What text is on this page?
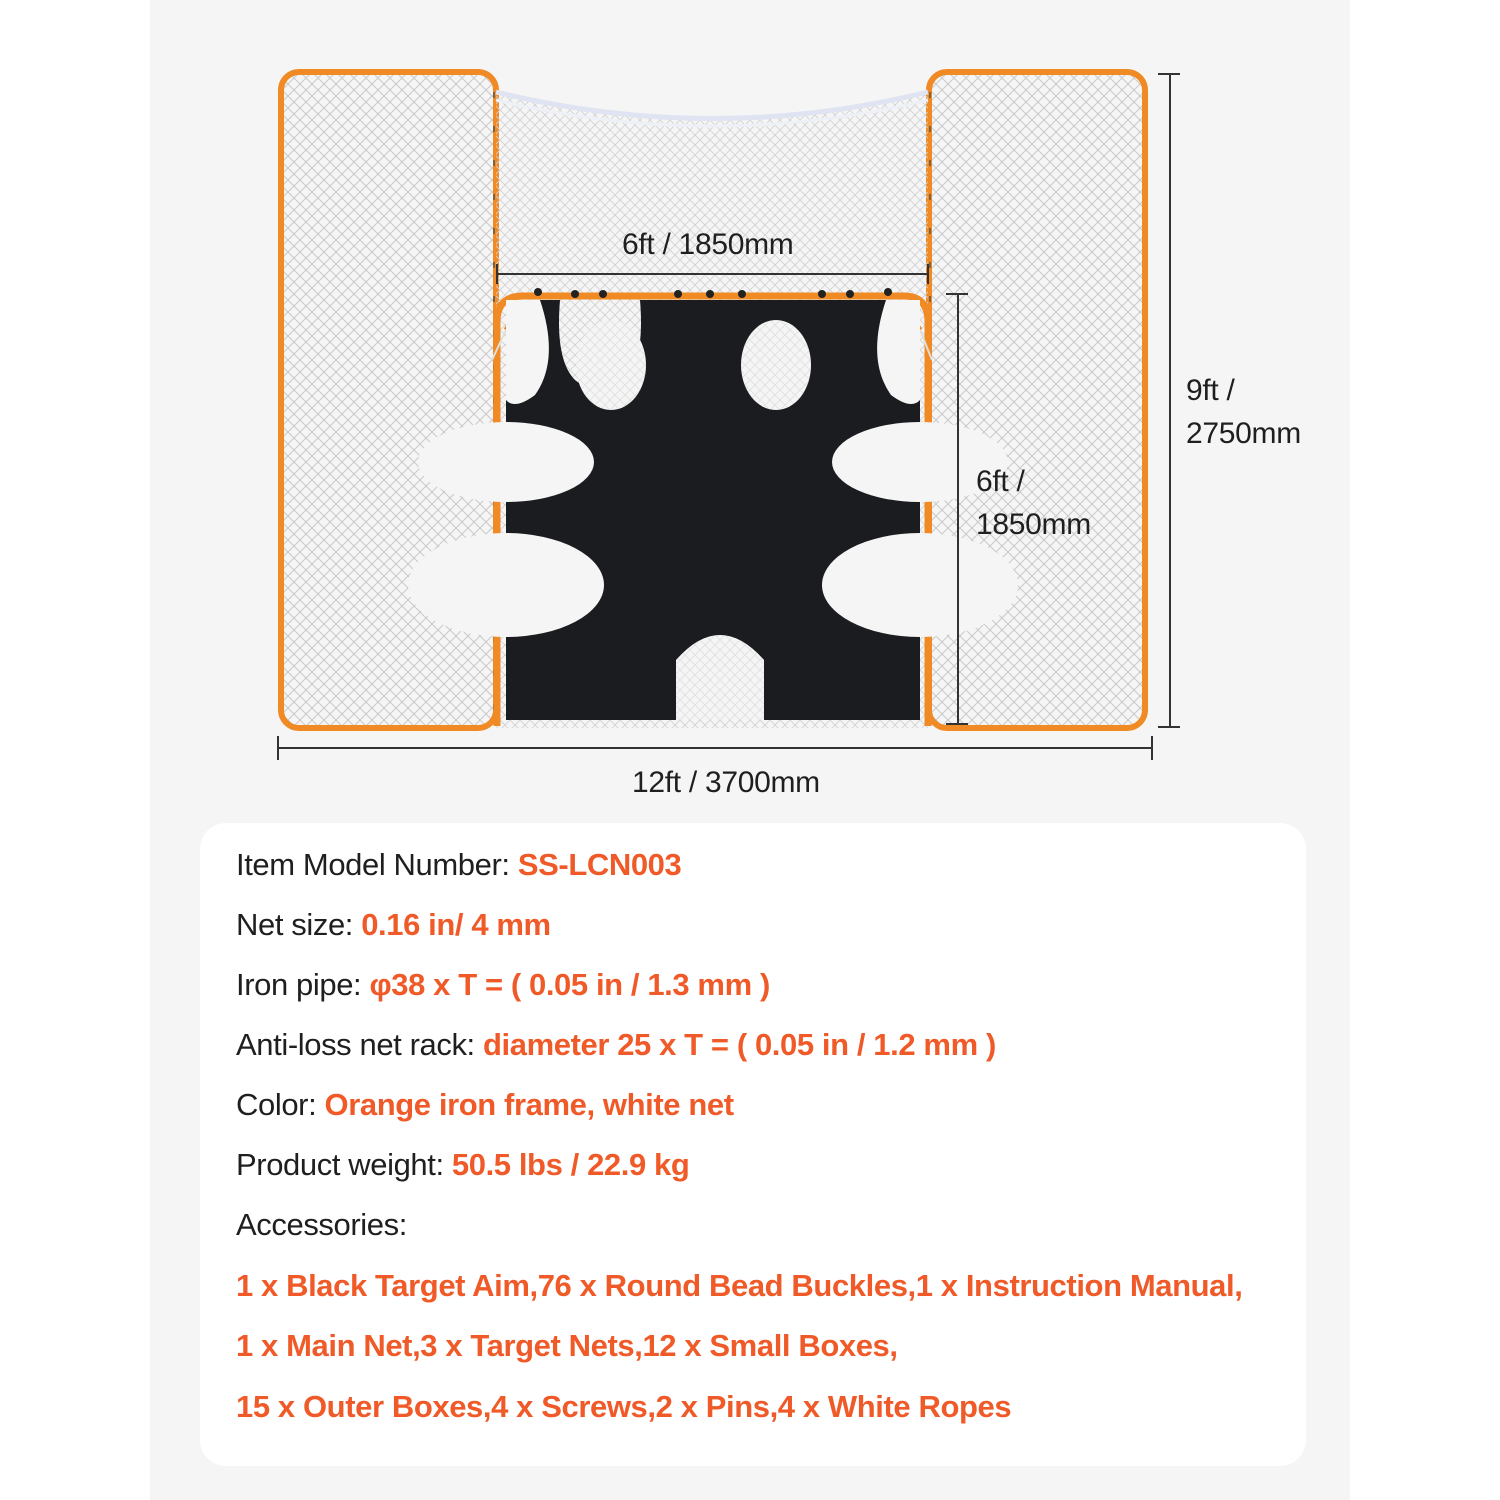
6ft / 1850mm
6ft /
1850mm
9ft /
2750mm
12ft / 3700mm
Item Model Number: SS-LCN003
Net size: 0.16 in/ 4 mm
Iron pipe: φ38 x T = ( 0.05 in / 1.3 mm )
Anti-loss net rack: diameter 25 x T = ( 0.05 in / 1.2 mm )
Color: Orange iron frame, white net
Product weight: 50.5 lbs / 22.9 kg
Accessories:
1 x Black Target Aim,76 x Round Bead Buckles,1 x Instruction Manual,
1 x Main Net,3 x Target Nets,12 x Small Boxes,
15 x Outer Boxes,4 x Screws,2 x Pins,4 x White Ropes
